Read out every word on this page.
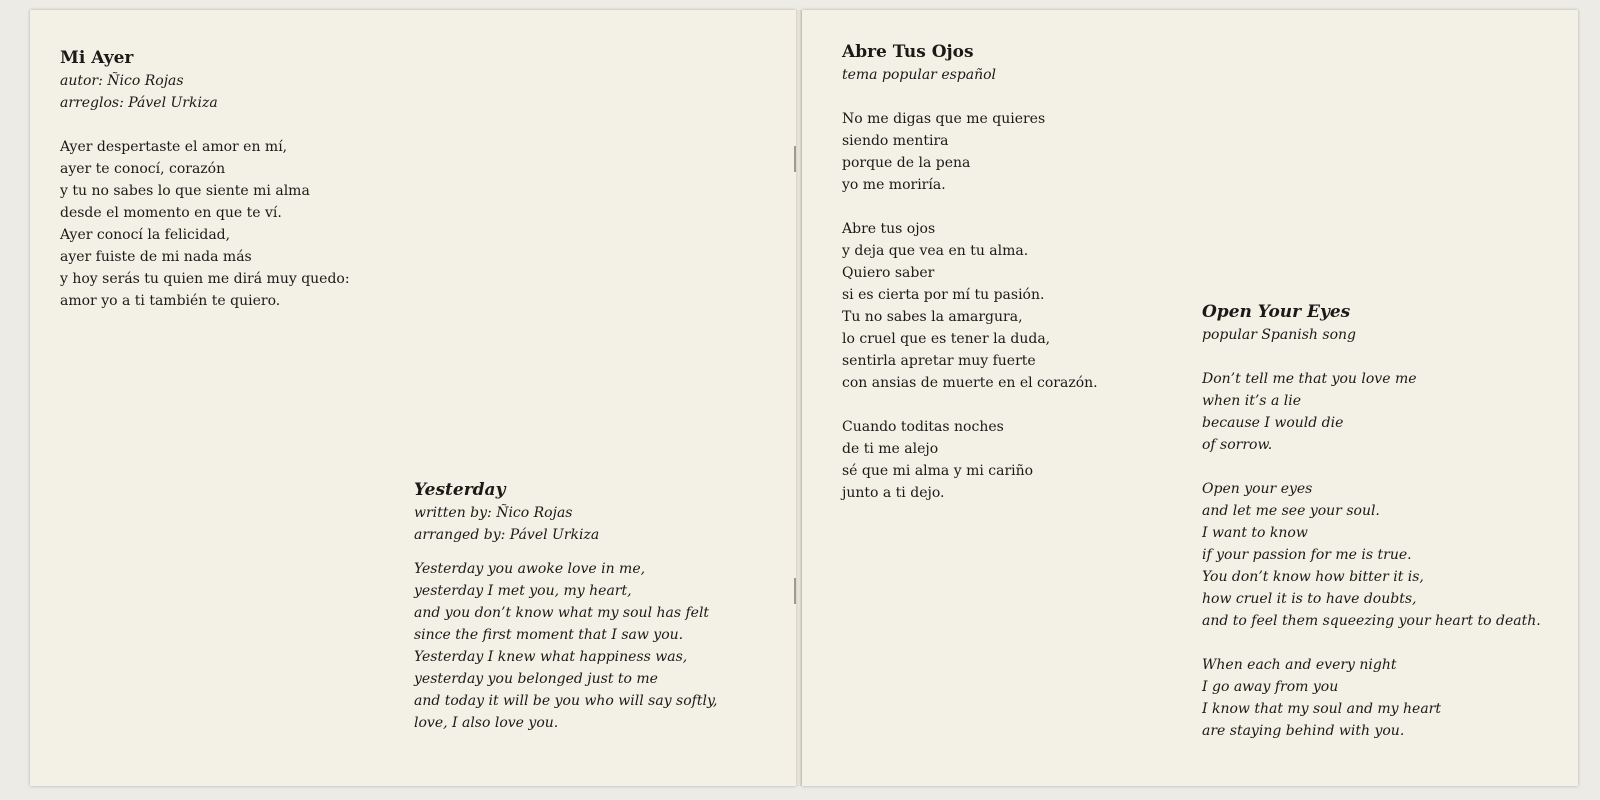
Mi Ayer

autor: Ñico Rojas

arreglos: Pável Urkiza

Ayer despertaste el amor en mí,
ayer te conocí, corazón
y tu no sabes lo que siente mi alma
desde el momento en que te ví.
Ayer conocí la felicidad,
ayer fuiste de mi nada más
y hoy serás tu quien me dirá muy quedo:
amor yo a ti también te quiero.
Yesterday

written by: Ñico Rojas

arranged by: Pável Urkiza

Yesterday you awoke love in me,
yesterday I met you, my heart,
and you don’t know what my soul has felt
since the first moment that I saw you.
Yesterday I knew what happiness was,
yesterday you belonged just to me
and today it will be you who will say softly,
love, I also love you.
Abre Tus Ojos

tema popular español

No me digas que me quieres
siendo mentira
porque de la pena
yo me moriría.
Abre tus ojos
y deja que vea en tu alma.
Quiero saber
si es cierta por mí tu pasión.
Tu no sabes la amargura,
lo cruel que es tener la duda,
sentirla apretar muy fuerte
con ansias de muerte en el corazón.
Cuando toditas noches
de ti me alejo
sé que mi alma y mi cariño
junto a ti dejo.
Open Your Eyes

popular Spanish song

Don’t tell me that you love me
when it’s a lie
because I would die
of sorrow.
Open your eyes
and let me see your soul.
I want to know
if your passion for me is true.
You don’t know how bitter it is,
how cruel it is to have doubts,
and to feel them squeezing your heart to death.
When each and every night
I go away from you
I know that my soul and my heart
are staying behind with you.
